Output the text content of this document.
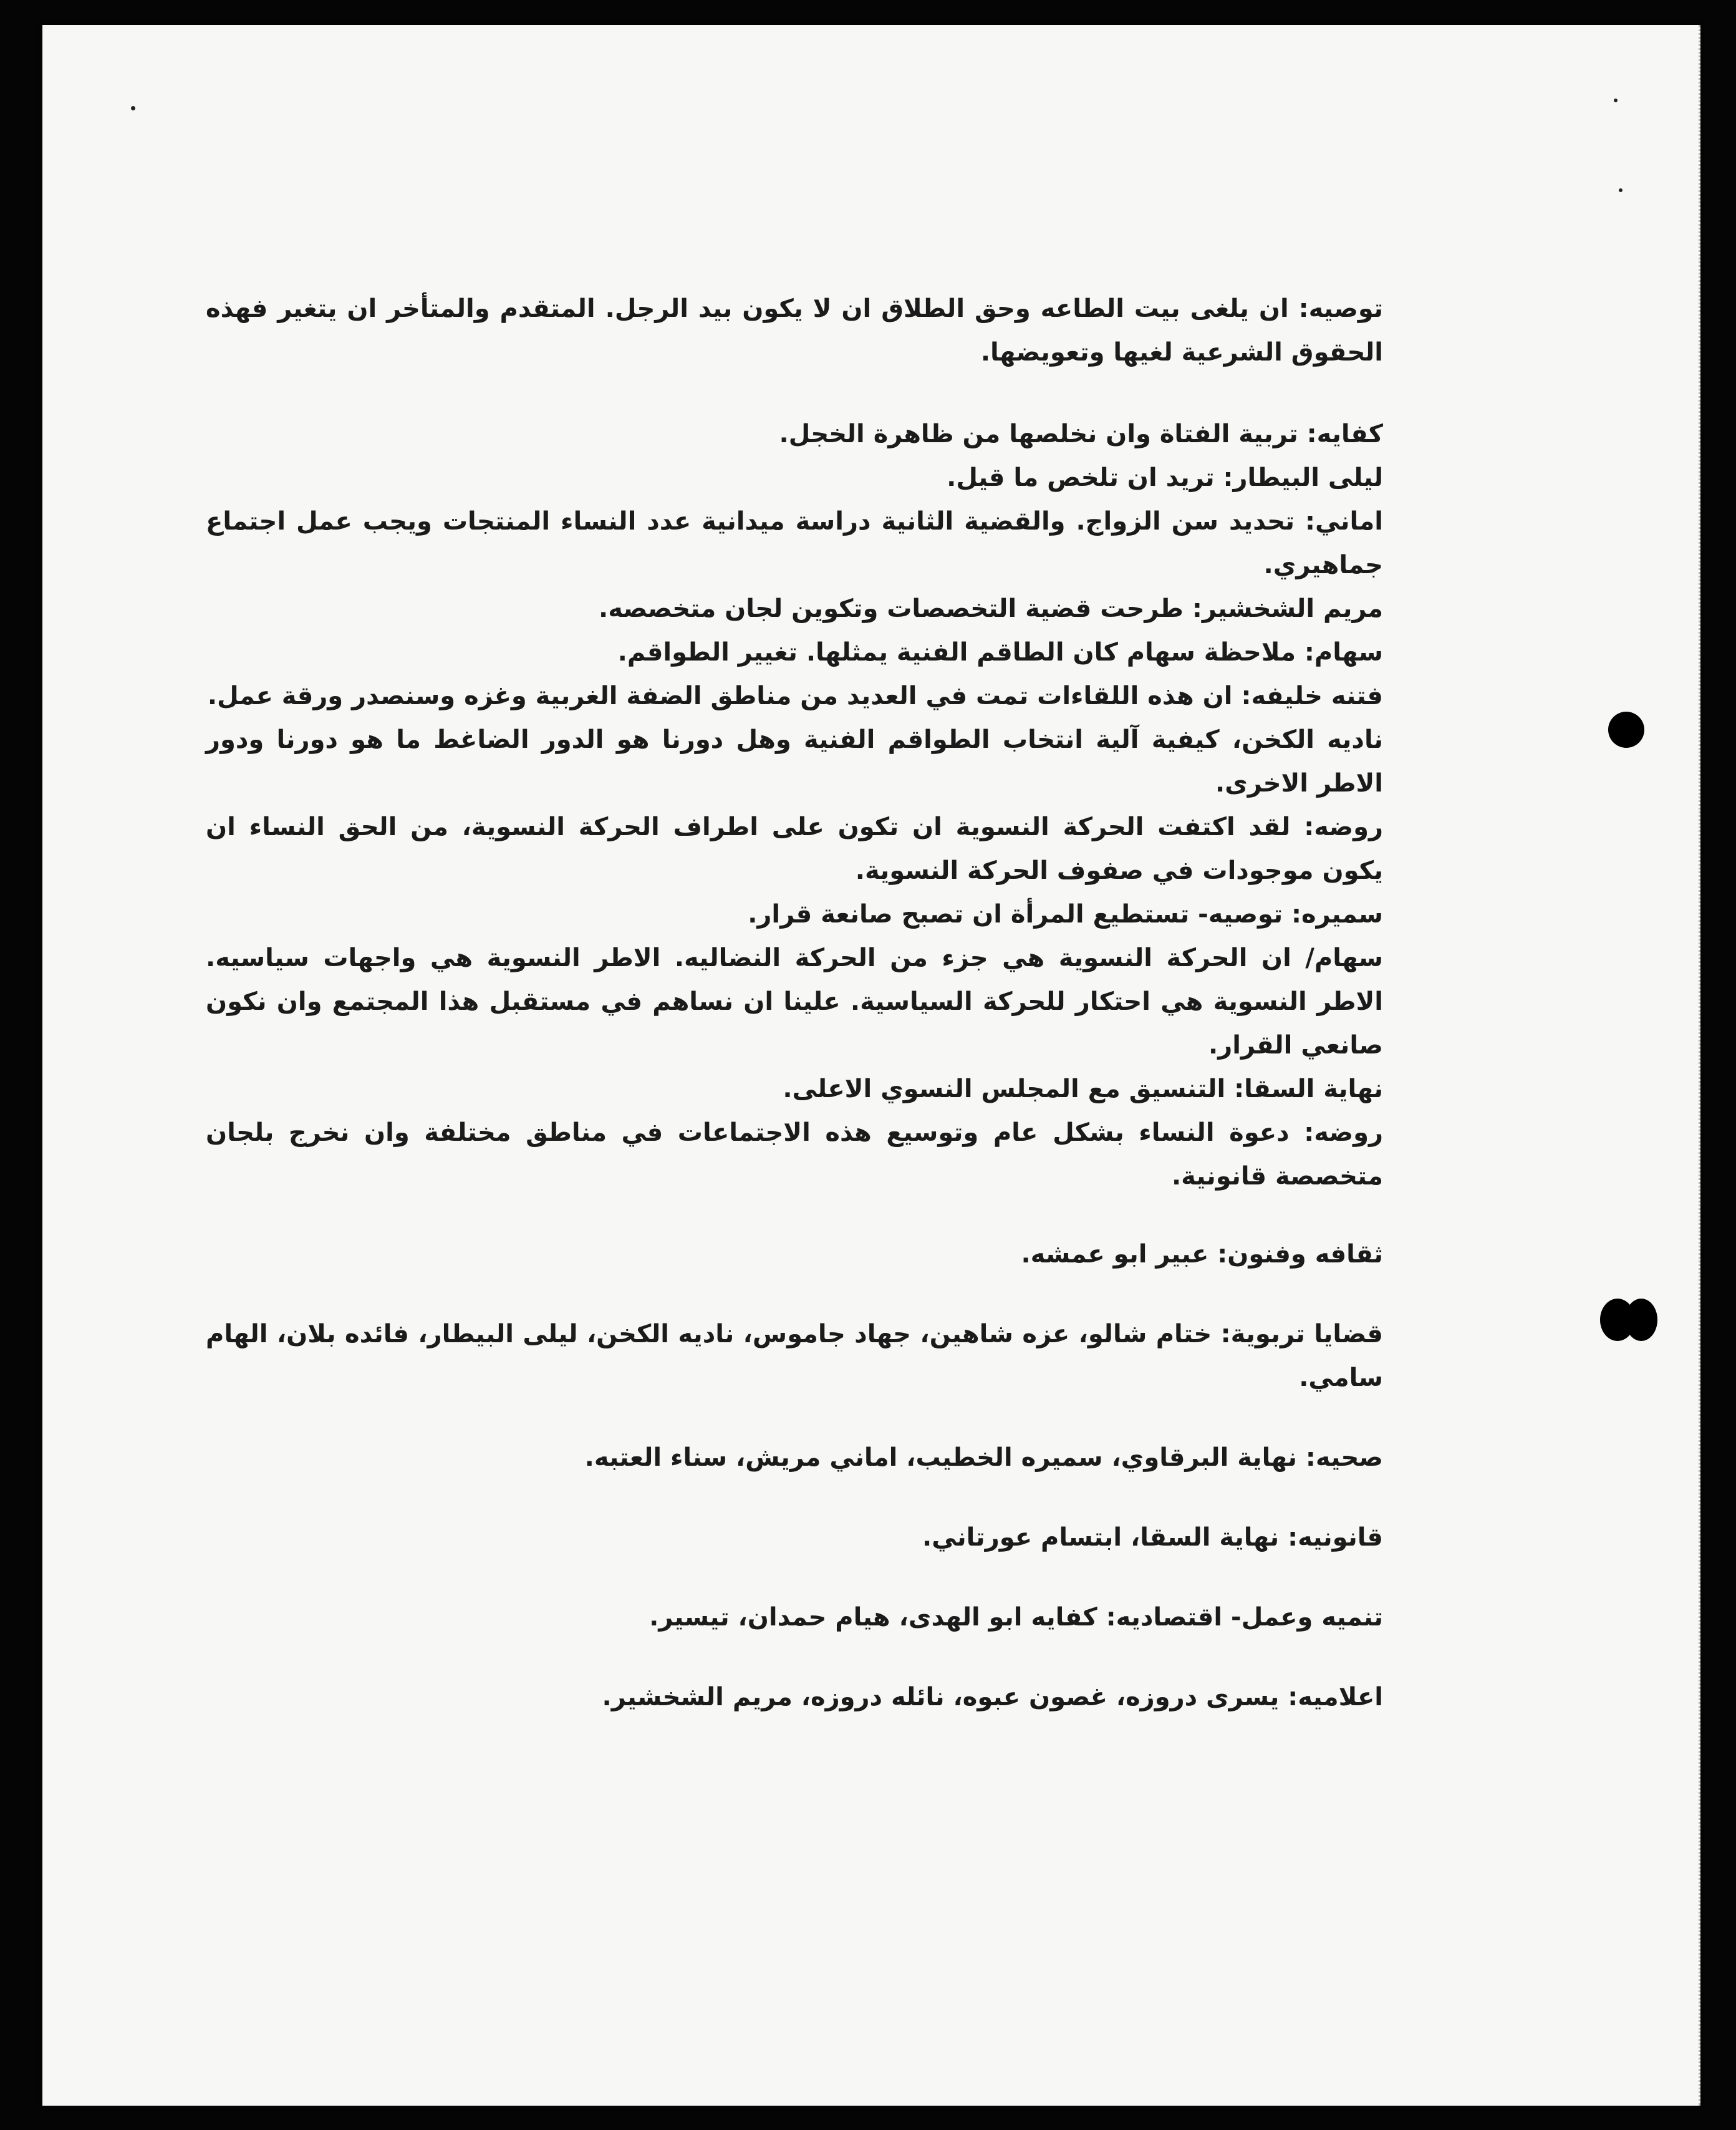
توصيه: ان يلغى بيت الطاعه وحق الطلاق ان لا يكون بيد الرجل. المتقدم والمتأخر ان يتغير فهذه الحقوق الشرعية لغيها وتعويضها.

كفايه: تربية الفتاة وان نخلصها من ظاهرة الخجل.

ليلى البيطار: تريد ان تلخص ما قيل.

اماني: تحديد سن الزواج. والقضية الثانية دراسة ميدانية عدد النساء المنتجات ويجب عمل اجتماع جماهيري.

مريم الشخشير: طرحت قضية التخصصات وتكوين لجان متخصصه.

سهام: ملاحظة سهام كان الطاقم الفنية يمثلها. تغيير الطواقم.

فتنه خليفه: ان هذه اللقاءات تمت في العديد من مناطق الضفة الغربية وغزه وسنصدر ورقة عمل.

ناديه الكخن، كيفية آلية انتخاب الطواقم الفنية وهل دورنا هو الدور الضاغط ما هو دورنا ودور الاطر الاخرى.

روضه: لقد اكتفت الحركة النسوية ان تكون على اطراف الحركة النسوية، من الحق النساء ان يكون موجودات في صفوف الحركة النسوية.

سميره: توصيه- تستطيع المرأة ان تصبح صانعة قرار.

سهام/ ان الحركة النسوية هي جزء من الحركة النضاليه. الاطر النسوية هي واجهات سياسيه. الاطر النسوية هي احتكار للحركة السياسية. علينا ان نساهم في مستقبل هذا المجتمع وان نكون صانعي القرار.

نهاية السقا: التنسيق مع المجلس النسوي الاعلى.

روضه: دعوة النساء بشكل عام وتوسيع هذه الاجتماعات في مناطق مختلفة وان نخرج بلجان متخصصة قانونية.

ثقافه وفنون: عبير ابو عمشه.

قضايا تربوية: ختام شالو، عزه شاهين، جهاد جاموس، ناديه الكخن، ليلى البيطار، فائده بلان، الهام سامي.

صحيه: نهاية البرقاوي، سميره الخطيب، اماني مريش، سناء العتبه.

قانونيه: نهاية السقا، ابتسام عورتاني.

تنميه وعمل- اقتصاديه: كفايه ابو الهدى، هيام حمدان، تيسير.

اعلاميه: يسرى دروزه، غصون عبوه، نائله دروزه، مريم الشخشير.
